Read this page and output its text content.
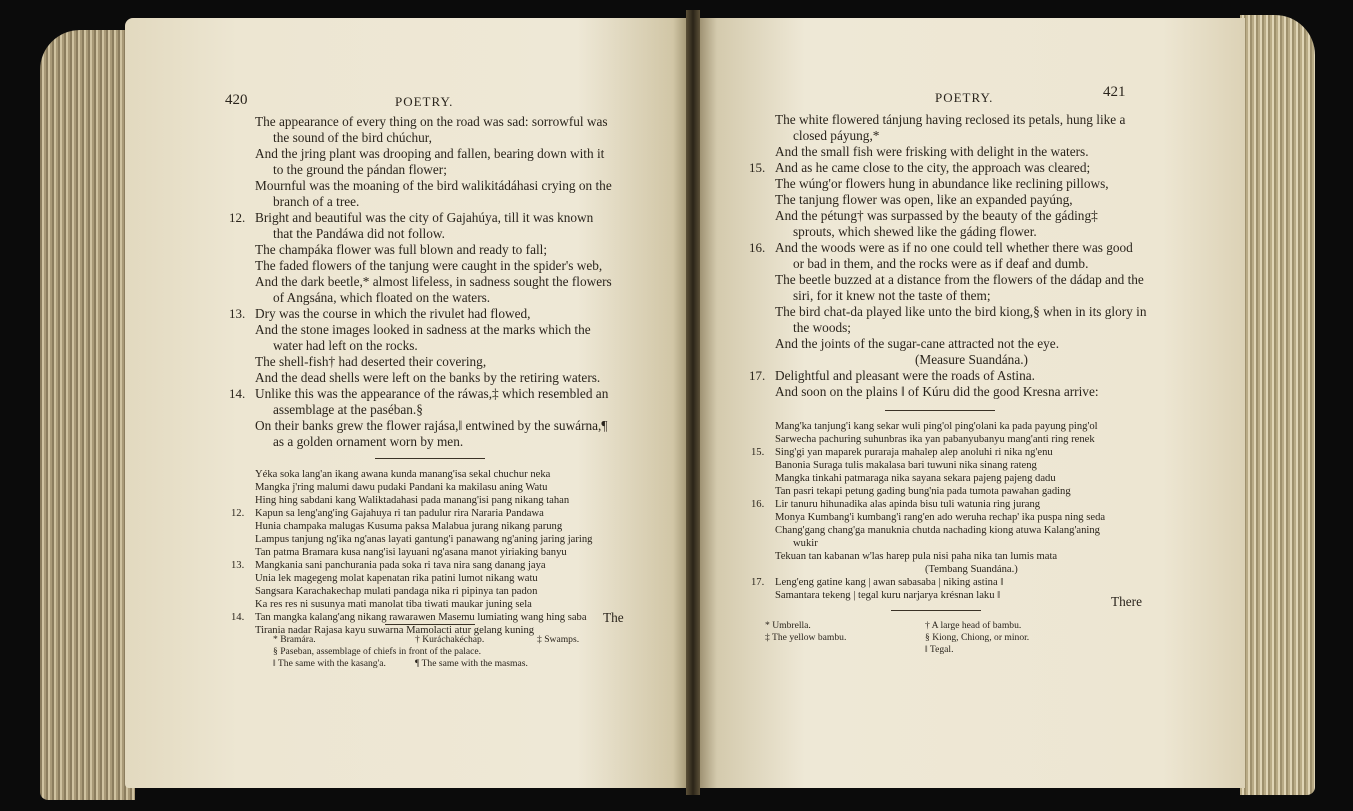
420	POETRY.
The appearance of every thing on the road was sad: sorrowful was
the sound of the bird chúchur,
And the jring plant was drooping and fallen, bearing down with it
to the ground the pándan flower;
Mournful was the moaning of the bird walikitádáhasi crying on the
branch of a tree.
12. Bright and beautiful was the city of Gajahúya, till it was known
that the Pandáwa did not follow.
The champáka flower was full blown and ready to fall;
The faded flowers of the tanjung were caught in the spider's web,
And the dark beetle,* almost lifeless, in sadness sought the flowers
of Angsána, which floated on the waters.
13. Dry was the course in which the rivulet had flowed,
And the stone images looked in sadness at the marks which the
water had left on the rocks.
The shell-fish† had deserted their covering,
And the dead shells were left on the banks by the retiring waters.
14. Unlike this was the appearance of the ráwas,‡ which resembled an
assemblage at the paséban.§
On their banks grew the flower rajása,‖ entwined by the suwárna,¶
as a golden ornament worn by men.
Yéka soka lang'an ikang awana kunda manang'isa sekal chuchur neka
Mangka j'ring malumi dawu pudaki Pandani ka makilasu aning Watu
Hing hing sabdani kang Waliktadahasi pada manang'isi pang nikang tahan
12. Kapun sa leng'ang'ing Gajahuya ri tan padulur rira Nararia Pandawa
Hunia champaka malugas Kusuma paksa Malabua jurang nikang parung
Lampus tanjung ng'ika ng'anas layati gantung'i panawang ng'aning jaring jaring
Tan patma Bramara kusa nang'isi layuani ng'asana manot yiriaking banyu
13. Mangkania sani panchurania pada soka ri tava nira sang danang jaya
Unia lek magegeng molat kapenatan rika patini lumot nikang watu
Sangsara Karachakechap mulati pandaga nika ri pipinya tan padon
Ka res res ni susunya mati manolat tiba tiwati maukar juning sela
14. Tan mangka kalang'ang nikang rawarawen Masemu lumiating wang hing saba
Tirania nadar Rajasa kayu suwarna Mamolacti atur gelang kuning
The
* Bramára.	† Kuráchakéchap.	‡ Swamps.
§ Paseban, assemblage of chiefs in front of the palace.
‖ The same with the kasang'a.	¶ The same with the masmas.
421
POETRY.
The white flowered tánjung having reclosed its petals, hung like a
closed páyung,*
And the small fish were frisking with delight in the waters.
15. And as he came close to the city, the approach was cleared;
The wúng'or flowers hung in abundance like reclining pillows,
The tanjung flower was open, like an expanded payúng,
And the pétung† was surpassed by the beauty of the gáding‡
sprouts, which shewed like the gáding flower.
16. And the woods were as if no one could tell whether there was good
or bad in them, and the rocks were as if deaf and dumb.
The beetle buzzed at a distance from the flowers of the dádap and the
siri, for it knew not the taste of them;
The bird chat-da played like unto the bird kiong,§ when in its glory in
the woods;
And the joints of the sugar-cane attracted not the eye.
(Measure Suandána.)
17. Delightful and pleasant were the roads of Astina.
And soon on the plains ‖ of Kúru did the good Kresna arrive:
Mang'ka tanjung'i kang sekar wuli ping'ol ping'olani ka pada payung ping'ol
Sarwecha pachuring suhunbras ika yan pabanyubanyu mang'anti ring renek
15. Sing'gi yan maparek puraraja mahalep alep anoluhi ri nika ng'enu
Banonia Suraga tulis makalasa bari tuwuni nika sinang rateng
Mangka tinkahi patmaraga nika sayana sekara pajeng pajeng dadu
Tan pasri tekapi petung gading bung'nia pada tumota pawahan gading
16. Lir tanuru hihunadika alas apinda bisu tuli watunia ring jurang
Monya Kumbang'i kumbang'i rang'en ado weruha rechap' ika puspa ning seda
Chang'gang chang'ga manuknia chutda nachading kiong atuwa Kalang'aning
wukir
Tekuan tan kabanan w'las harep pula nisi paha nika tan lumis mata
(Tembang Suandána.)
17. Leng'eng gatine kang | awan sabasaba | niking astina ‖
Samantara tekeng | tegal kuru narjarya krésnan laku ‖	There
* Umbrella.	† A large head of bambu.
‡ The yellow bambu.	§ Kiong, Chiong, or minor.
‖ Tegal.
